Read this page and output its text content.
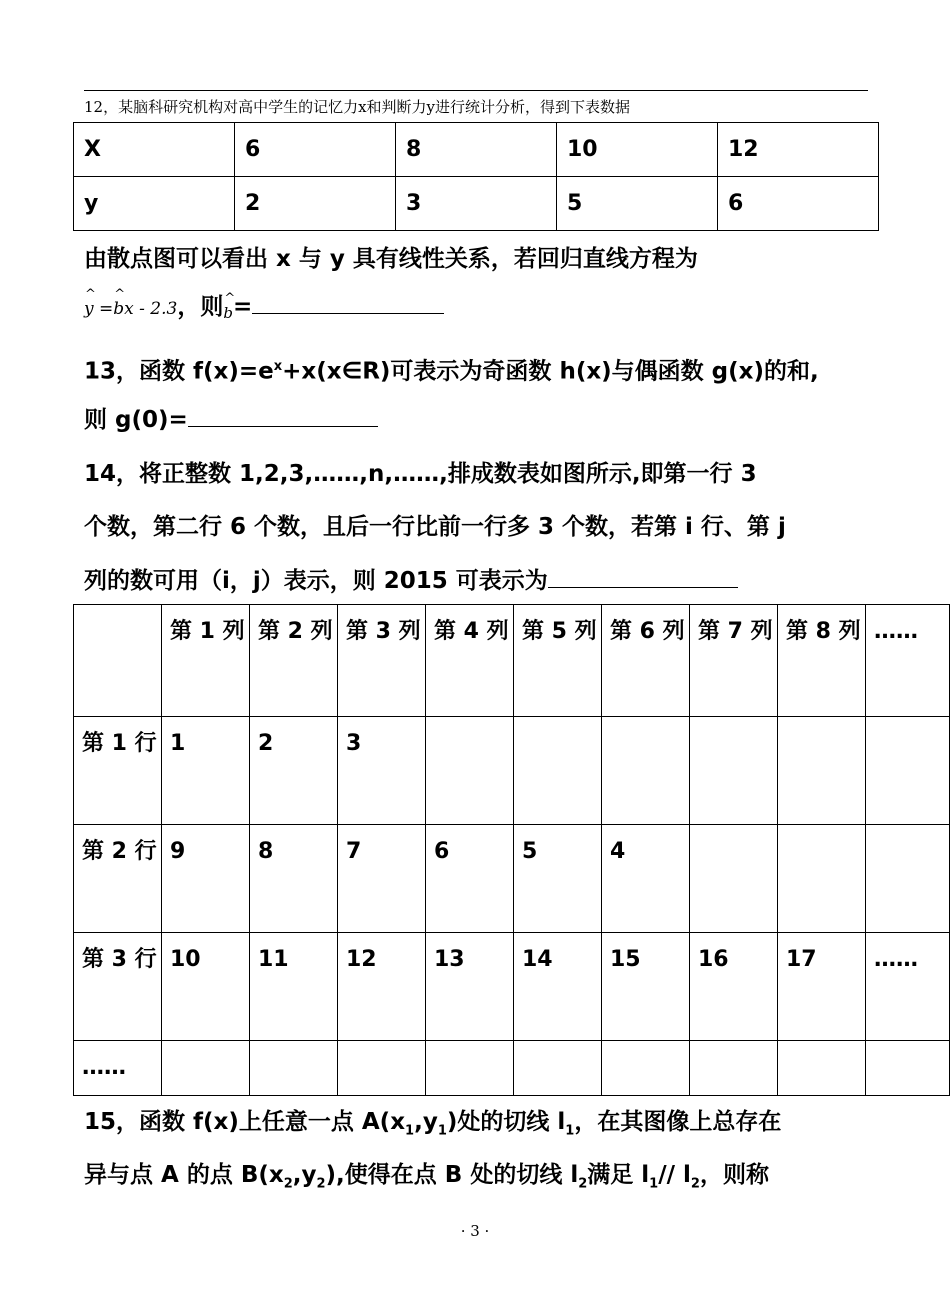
12，某脑科研究机构对高中学生的记忆力x和判断力y进行统计分析，得到下表数据
X	6	8	10	12
y	2	3	5	6
由散点图可以看出 x 与 y 具有线性关系，若回归直线方程为
^ y =^ bx - 2.3，则^ b=
13，函数 $f(x)=e^x+x(x\in R)$可表示为奇函数 h(x)与偶函数 g(x)的和,
则 g(0)=
14，将正整数 1,2,3,……,n,……,排成数表如图所示,即第一行 3
个数，第二行 6 个数，且后一行比前一行多 3 个数，若第 i 行、第 j
列的数可用（i，j）表示，则 2015 可表示为
	第 1 列	第 2 列	第 3 列	第 4 列	第 5 列	第 6 列	第 7 列	第 8 列	……
第 1 行	1	2	3						
第 2 行	9	8	7	6	5	4			
第 3 行	10	11	12	13	14	15	16	17	……
……									
15，函数 f(x)上任意一点 $A(x_1,y_1)$处的切线 $l_1$，在其图像上总存在
异与点 A 的点 $B(x_2,y_2)$,使得在点 B 处的切线 $l_2$满足 $l_1//$ $l_2$，则称
· 3 ·
